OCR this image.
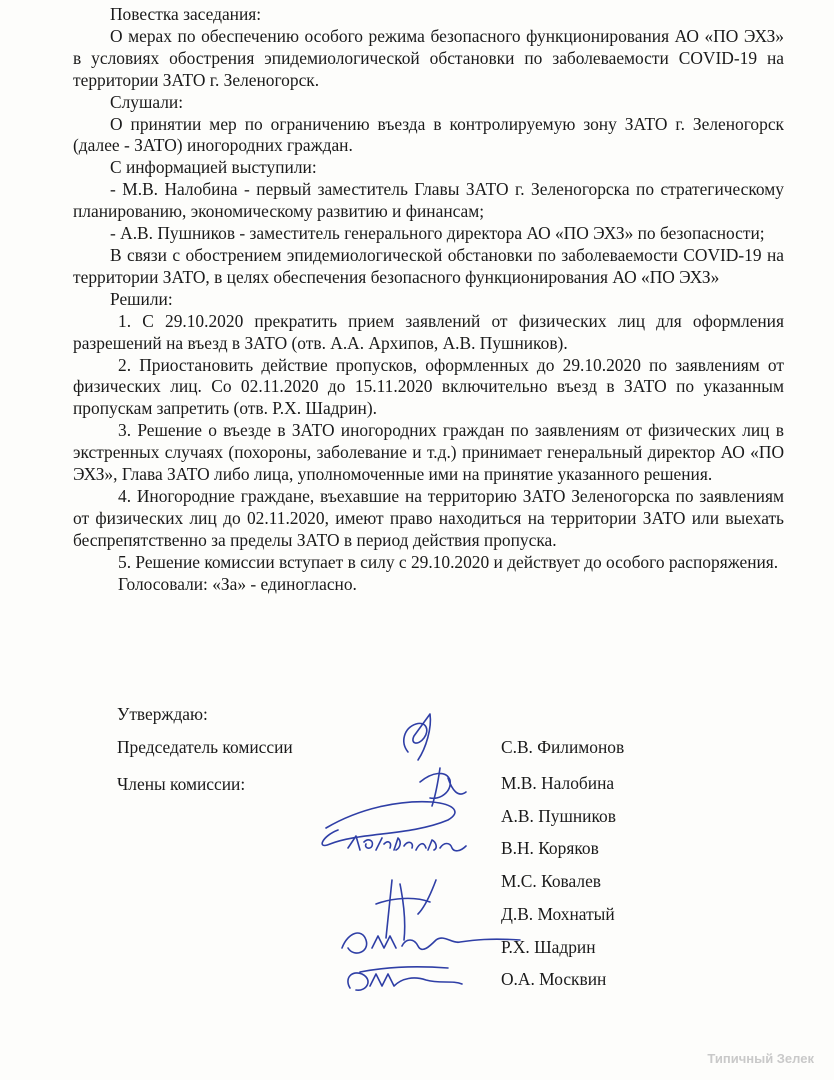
Повестка заседания:

О мерах по обеспечению особого режима безопасного функционирования АО «ПО ЭХЗ» в условиях обострения эпидемиологической обстановки по заболеваемости COVID-19 на территории ЗАТО г. Зеленогорск.

Слушали:

О принятии мер по ограничению въезда в контролируемую зону ЗАТО г. Зеленогорск (далее - ЗАТО) иногородних граждан.

С информацией выступили:

- М.В. Налобина - первый заместитель Главы ЗАТО г. Зеленогорска по стратегическому планированию, экономическому развитию и финансам;

- А.В. Пушников - заместитель генерального директора АО «ПО ЭХЗ» по безопасности;

В связи с обострением эпидемиологической обстановки по заболеваемости COVID-19 на территории ЗАТО, в целях обеспечения безопасного функционирования АО «ПО ЭХЗ»

Решили:

1. С 29.10.2020 прекратить прием заявлений от физических лиц для оформления разрешений на въезд в ЗАТО (отв. А.А. Архипов, А.В. Пушников).

2. Приостановить действие пропусков, оформленных до 29.10.2020 по заявлениям от физических лиц. Со 02.11.2020 до 15.11.2020 включительно въезд в ЗАТО по указанным пропускам запретить (отв. Р.Х. Шадрин).

3. Решение о въезде в ЗАТО иногородних граждан по заявлениям от физических лиц в экстренных случаях (похороны, заболевание и т.д.) принимает генеральный директор АО «ПО ЭХЗ», Глава ЗАТО либо лица, уполномоченные ими на принятие указанного решения.

4. Иногородние граждане, въехавшие на территорию ЗАТО Зеленогорска по заявлениям от физических лиц до 02.11.2020, имеют право находиться на территории ЗАТО или выехать беспрепятственно за пределы ЗАТО в период действия пропуска.

5. Решение комиссии вступает в силу с 29.10.2020 и действует до особого распоряжения.

Голосовали: «За» - единогласно.

Утверждаю:
Председатель комиссии	С.В. Филимонов
Члены комиссии:	М.В. Налобина
А.В. Пушников
В.Н. Коряков
М.С. Ковалев
Д.В. Мохнатый
Р.Х. Шадрин
О.А. Москвин
Типичный Зелек
